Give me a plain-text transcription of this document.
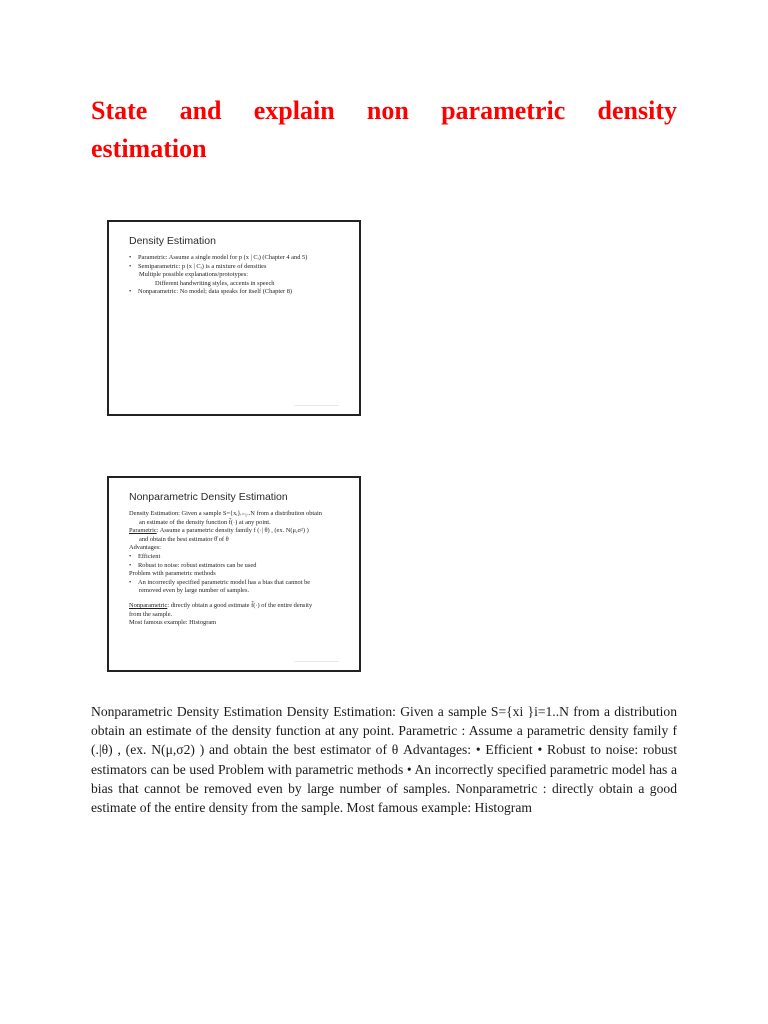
State and explain non parametric density
estimation
Density Estimation
• Parametric: Assume a single model for p (x | Cᵢ) (Chapter 4 and 5)
• Semiparametric: p (x | Cᵢ) is a mixture of densities
Multiple possible explanations/prototypes:
Different handwriting styles, accents in speech
• Nonparametric: No model; data speaks for itself (Chapter 8)
______________________________
Nonparametric Density Estimation
Density Estimation: Given a sample S={xᵢ}ᵢ₌₁..N from a distribution obtain
an estimate of the density function f̂(·) at any point.
Parametric: Assume a parametric density family f (·| θ) , (ex. N(μ,σ²) )
and obtain the best estimator θ̂ of θ
Advantages:
• Efficient
• Robust to noise: robust estimators can be used
Problem with parametric methods
• An incorrectly specified parametric model has a bias that cannot be
removed even by large number of samples.
Nonparametric: directly obtain a good estimate f̂(·) of the entire density
from the sample.
Most famous example: Histogram
______________________________

Nonparametric Density Estimation Density Estimation: Given a sample S={xi }i=1..N from a distribution obtain an estimate of the density function at any point. Parametric : Assume a parametric density family f (.|θ) , (ex. N(μ,σ2) ) and obtain the best estimator of θ Advantages: • Efficient • Robust to noise: robust estimators can be used Problem with parametric methods • An incorrectly specified parametric model has a bias that cannot be removed even by large number of samples. Nonparametric : directly obtain a good estimate of the entire density from the sample. Most famous example: Histogram
